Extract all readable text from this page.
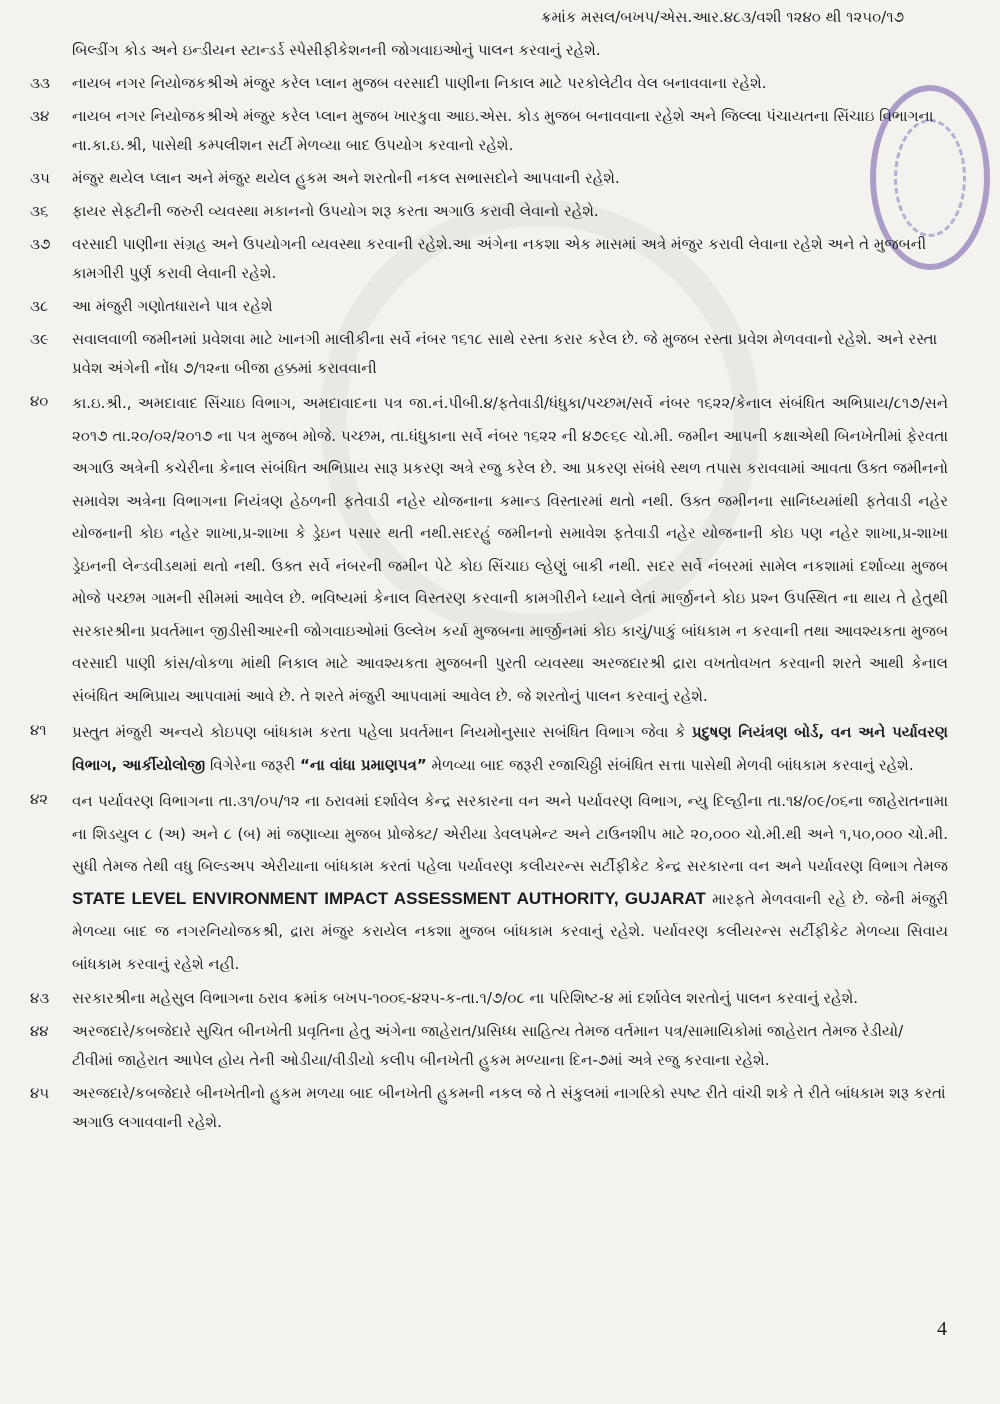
ક્રમાંક મસલ/બખપ/એસ.આર.૪૮૩/વશી ૧૨૪૦ થી ૧૨૫૦/૧૭
બિલ્ડીંગ કોડ અને ઇન્ડીયન સ્ટાન્ડર્ડ સ્પેસીફીકેશનની જોગવાઇઓનું પાલન કરવાનું રહેશે.
૩૩	નાયબ નગર નિયોજકશ્રીએ મંજુર કરેલ પ્લાન મુજબ વરસાદી પાણીના નિકાલ માટે પરકોલેટીવ વેલ બનાવવાના રહેશે.
૩૪	નાયબ નગર નિયોજકશ્રીએ મંજુર કરેલ પ્લાન મુજબ ખારકુવા આઇ.એસ. કોડ મુજબ બનાવવાના રહેશે અને જિલ્લા પંચાયતના સિંચાઇ વિભાગના ના.કા.ઇ.શ્રી, પાસેથી કમ્પલીશન સર્ટી મેળવ્યા બાદ ઉપયોગ કરવાનો રહેશે.
૩૫	મંજુર થયેલ પ્લાન અને મંજુર થયેલ હુકમ અને શરતોની નકલ સભાસદોને આપવાની રહેશે.
૩૬	ફાયર સેફ્ટીની જરુરી વ્યવસ્થા મકાનનો ઉપયોગ શરૂ કરતા અગાઉ કરાવી લેવાનો રહેશે.
૩૭	વરસાદી પાણીના સંગ્રહ અને ઉપયોગની વ્યવસ્થા કરવાની રહેશે.આ અંગેના નકશા એક માસમાં અત્રે મંજુર કરાવી લેવાના રહેશે અને તે મુજબની કામગીરી પુર્ણ કરાવી લેવાની રહેશે.
૩૮	આ મંજુરી ગણોતધારાને પાત્ર રહેશે
૩૯	સવાલવાળી જમીનમાં પ્રવેશવા માટે ખાનગી માલીકીના સર્વે નંબર ૧૬૧૮ સાથે રસ્તા કરાર કરેલ છે. જે મુજબ રસ્તા પ્રવેશ મેળવવાનો રહેશે. અને રસ્તા પ્રવેશ અંગેની નોંધ ૭/૧૨ના બીજા હક્કમાં કરાવવાની
૪૦	કા.ઇ.શ્રી., અમદાવાદ સિંચાઇ વિભાગ, અમદાવાદના પત્ર જા.નં.પીબી.૪/ફતેવાડી/ધંધુકા/પચ્છમ/સર્વે નંબર ૧૬૨૨/કેનાલ સંબંધિત અભિપ્રાય/૮૧૭/સને ૨૦૧૭ તા.૨૦/૦૨/૨૦૧૭ ના પત્ર મુજબ મોજે. પચ્છમ, તા.ધંધુકાના સર્વે નંબર ૧૬૨૨ ની ૪૭૯૬૯ ચો.મી. જમીન આપની કક્ષાએથી બિનખેતીમાં ફેરવતા અગાઉ અત્રેની કચેરીના કેનાલ સંબંધિત અભિપ્રાય સારૂ પ્રકરણ અત્રે રજુ કરેલ છે. આ પ્રકરણ સંબંધે સ્થળ તપાસ કરાવવામાં આવતા ઉક્ત જમીનનો સમાવેશ અત્રેના વિભાગના નિયંત્રણ હેઠળની ફતેવાડી નહેર યોજનાના કમાન્ડ વિસ્તારમાં થતો નથી. ઉક્ત જમીનના સાનિધ્યમાંથી ફતેવાડી નહેર યોજનાની કોઇ નહેર શાખા,પ્ર-શાખા કે ડ્રેઇન પસાર થતી નથી.સદરહું જમીનનો સમાવેશ ફતેવાડી નહેર યોજનાની કોઇ પણ નહેર શાખા,પ્ર-શાખા ડ્રેઇનની લેન્ડવીડથમાં થતો નથી. ઉક્ત સર્વે નંબરની જમીન પેટે કોઇ સિંચાઇ લ્હેણું બાકી નથી. સદર સર્વે નંબરમાં સામેલ નકશામાં દર્શાવ્યા મુજબ મોજે પચ્છમ ગામની સીમમાં આવેલ છે. ભવિષ્યમાં કેનાલ વિસ્તરણ કરવાની કામગીરીને ધ્યાને લેતાં માર્જીનને કોઇ પ્રશ્ન ઉપસ્થિત ના થાય તે હેતુથી સરકારશ્રીના પ્રવર્તમાન જીડીસીઆરની જોગવાઇઓમાં ઉલ્લેખ કર્યા મુજબના માર્જીનમાં કોઇ કાચું/પાકું બાંધકામ ન કરવાની તથા આવશ્યકતા મુજબ વરસાદી પાણી કાંસ/વોકળા માંથી નિકાલ માટે આવશ્યકતા મુજબની પુરતી વ્યવસ્થા અરજદારશ્રી દ્રારા વખતોવખત કરવાની શરતે આથી કેનાલ સંબંધિત અભિપ્રાય આપવામાં આવે છે. તે શરતે મંજુરી આપવામાં આવેલ છે. જે શરતોનું પાલન કરવાનું રહેશે.
૪૧	પ્રસ્તુત મંજુરી અન્વયે કોઇપણ બાંધકામ કરતા પહેલા પ્રવર્તમાન નિયમોનુસાર સબંધિત વિભાગ જેવા કે પ્રદુષણ નિયંત્રણ બોર્ડ, વન અને પર્યાવરણ વિભાગ, આર્કીયોલોજી વિગેરેના જરૂરી “ના વાંધા પ્રમાણપત્ર” મેળવ્યા બાદ જરૂરી રજાચિઠ્ઠી સંબંધિત સત્તા પાસેથી મેળવી બાંધકામ કરવાનું રહેશે.
૪૨	વન પર્યાવરણ વિભાગના તા.૩૧/૦૫/૧૨ ના ઠરાવમાં દર્શાવેલ કેન્દ્ર સરકારના વન અને પર્યાવરણ વિભાગ, ન્યુ દિલ્હીના તા.૧૪/૦૯/૦૬ના જાહેરાતનામા ના શિડયુલ ૮ (અ) અને ૮ (બ) માં જણાવ્યા મુજબ પ્રોજેક્ટ/ એરીયા ડેવલપમેન્ટ અને ટાઉનશીપ માટે ૨૦,૦૦૦ ચો.મી.થી અને ૧,૫૦,૦૦૦ ચો.મી. સુધી તેમજ તેથી વધુ બિલ્ડઅપ એરીયાના બાંધકામ કરતાં પહેલા પર્યાવરણ કલીયરન્સ સર્ટીફીકેટ કેન્દ્ર સરકારના વન અને પર્યાવરણ વિભાગ તેમજ STATE LEVEL ENVIRONMENT IMPACT ASSESSMENT AUTHORITY, GUJARAT મારફતે મેળવવાની રહે છે. જેની મંજુરી મેળવ્યા બાદ જ નગરનિયોજકશ્રી, દ્રારા મંજુર કરાયેલ નકશા મુજબ બાંધકામ કરવાનું રહેશે. પર્યાવરણ કલીયરન્સ સર્ટીફીકેટ મેળવ્યા સિવાય બાંધકામ કરવાનું રહેશે નહી.
૪૩	સરકારશ્રીના મહેસુલ વિભાગના ઠરાવ ક્રમાંક બખપ-૧૦૦૬-૪૨૫-ક-તા.૧/૭/૦૮ ના પરિશિષ્ટ-૪ માં દર્શાવેલ શરતોનું પાલન કરવાનું રહેશે.
૪૪	અરજદારે/કબજેદારે સુચિત બીનખેતી પ્રવૃતિના હેતુ અંગેના જાહેરાત/પ્રસિધ્ધ સાહિત્ય તેમજ વર્તમાન પત્ર/સામાયિકોમાં જાહેરાત તેમજ રેડીયો/ ટીવીમાં જાહેરાત આપેલ હોય તેની ઓડીયા/વીડીયો કલીપ બીનખેતી હુકમ મળ્યાના દિન-૭માં અત્રે રજુ કરવાના રહેશે.
૪૫	અરજદારે/કબજેદારે બીનખેતીનો હુકમ મળયા બાદ બીનખેતી હુકમની નકલ જે તે સંકુલમાં નાગરિકો સ્પષ્ટ રીતે વાંચી શકે તે રીતે બાંધકામ શરૂ કરતાં અગાઉ લગાવવાની રહેશે.
4
